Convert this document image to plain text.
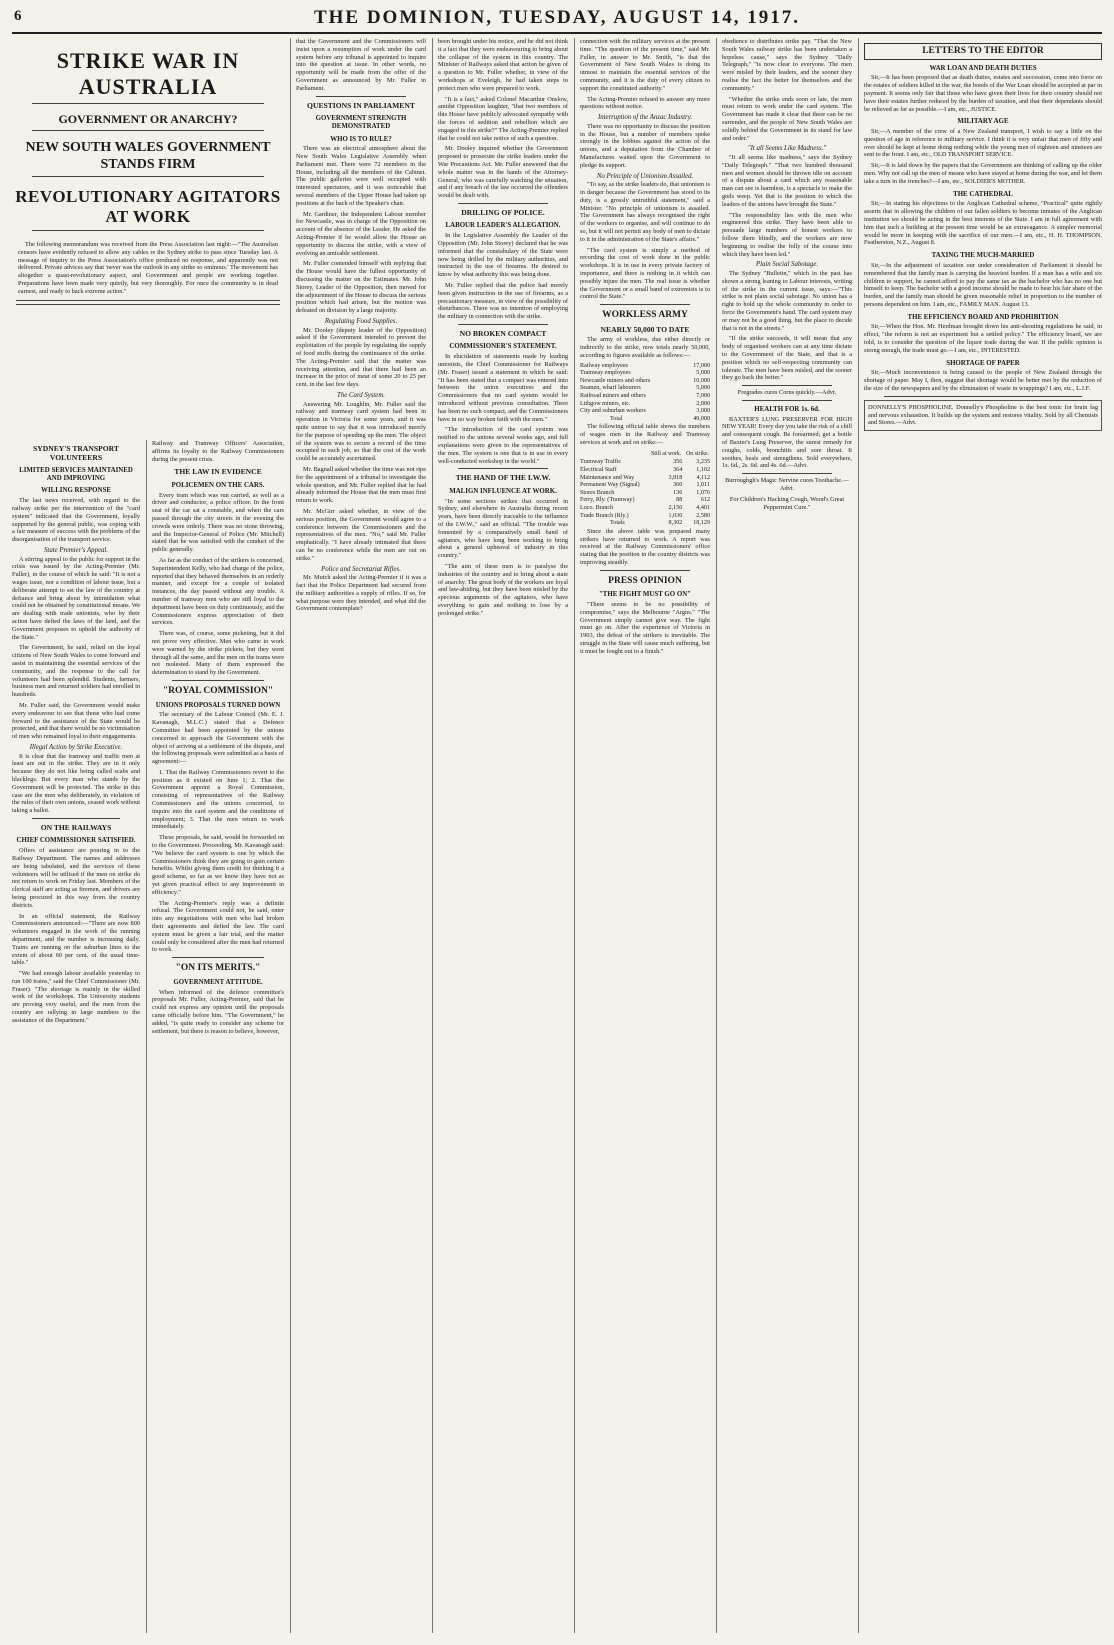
6	THE DOMINION, TUESDAY, AUGUST 14, 1917.
STRIKE WAR IN AUSTRALIA
GOVERNMENT OR ANARCHY?
NEW SOUTH WALES GOVERNMENT STANDS FIRM
REVOLUTIONARY AGITATORS AT WORK

The following memorandum was received from the Press Association last night:—"The Australian censors have evidently refused to allow any cables re the Sydney strike to pass since Tuesday last. A message of inquiry to the Press Association's office produced no response, and apparently was not delivered. Private advices say that 'never was the outlook in any strike so ominous.' The movement has altogether a quasi-revolutionary aspect, and Government and people are working together. Preparations have been made very quietly, but very thoroughly. For once the community is in dead earnest, and ready to back extreme action."

SYDNEY'S TRANSPORT VOLUNTEERS
LIMITED SERVICES MAINTAINED AND IMPROVING
WILLING RESPONSE

The last news received, with regard to the railway strike per the intervention of the "card system" indicated that the Government, loyally supported by the general public, was coping with a fair measure of success with the problems of the disorganisation of the transport service.

State Premier's Appeal.

A stirring appeal to the public for support in the crisis was issued by the Acting-Premier (Mr. Fuller), in the course of which he said: "It is not a wages issue, nor a condition of labour issue, but a deliberate attempt to set the law of the country at defiance and bring about by intimidation what could not be obtained by constitutional means. We are dealing with trade unionists, who by their action have defied the laws of the land, and the Government proposes to uphold the authority of the State."

The Government, he said, relied on the loyal citizens of New South Wales to come forward and assist in maintaining the essential services of the community, and the response to the call for volunteers had been splendid. Students, farmers, business men and returned soldiers had enrolled in hundreds.

Mr. Fuller said, the Government would make every endeavour to see that those who had come forward to the assistance of the State would be protected, and that there would be no victimisation of men who remained loyal to their engagements.

Illegal Action by Strike Executive.

It is clear that the tramway and traffic men at least are out in the strike. They are in it only because they do not like being called scabs and blacklegs. But every man who stands by the Government will be protected. The strike in this case are the men who deliberately, in violation of the rules of their own unions, ceased work without taking a ballot.

ON THE RAILWAYS
CHIEF COMMISSIONER SATISFIED.

Offers of assistance are pouring in to the Railway Department. The names and addresses are being tabulated, and the services of these volunteers will be utilised if the men on strike do not return to work on Friday last. Members of the clerical staff are acting as firemen, and drivers are being procured in this way from the country districts.

In an official statement, the Railway Commissioners announced:—"There are now 800 volunteers engaged in the work of the running department, and the number is increasing daily. Trains are running on the suburban lines to the extent of about 60 per cent. of the usual time-table."

"We had enough labour available yesterday to run 100 trains," said the Chief Commissioner (Mr. Fraser). "The shortage is mainly in the skilled work of the workshops. The University students are proving very useful, and the men from the country are rallying in large numbers to the assistance of the Department."

Railway and Tramway Officers' Association, affirms its loyalty to the Railway Commissioners during the present crisis.

THE LAW IN EVIDENCE
POLICEMEN ON THE CARS.

Every tram which was run carried, as well as a driver and conductor, a police officer. In the front seat of the car sat a constable, and when the cars passed through the city streets in the evening the crowds were orderly. There was no stone throwing, and the Inspector-General of Police (Mr. Mitchell) stated that he was satisfied with the conduct of the public generally.

As far as the conduct of the strikers is concerned, Superintendent Kelly, who had charge of the police, reported that they behaved themselves in an orderly manner, and except for a couple of isolated instances, the day passed without any trouble. A number of tramway men who are still loyal to the department have been on duty continuously, and the Commissioners express appreciation of their services.

There was, of course, some picketing, but it did not prove very effective. Men who came to work were warned by the strike pickets, but they went through all the same, and the men on the trams were not molested. Many of them expressed the determination to stand by the Government.

"ROYAL COMMISSION"
UNIONS PROPOSALS TURNED DOWN

The secretary of the Labour Council (Mr. E. J. Kavanagh, M.L.C.) stated that a Defence Committee had been appointed by the unions concerned to approach the Government with the object of arriving at a settlement of the dispute, and the following proposals were submitted as a basis of agreement:—

1. That the Railway Commissioners revert to the position as it existed on June 1; 2. That the Government appoint a Royal Commission, consisting of representatives of the Railway Commissioners and the unions concerned, to inquire into the card system and the conditions of employment; 3. That the men return to work immediately.

These proposals, he said, would be forwarded on to the Government. Proceeding, Mr. Kavanagh said: "We believe the card system is one by which the Commissioners think they are going to gain certain benefits. Whilst giving them credit for thinking it a good scheme, so far as we know they have not as yet given practical effect to any improvement in efficiency."

The Acting-Premier's reply was a definite refusal. The Government could not, he said, enter into any negotiations with men who had broken their agreements and defied the law. The card system must be given a fair trial, and the matter could only be considered after the men had returned to work.

"ON ITS MERITS."
GOVERNMENT ATTITUDE.

When informed of the defence committee's proposals Mr. Fuller, Acting-Premier, said that he could not express any opinion until the proposals came officially before him. "The Government," he added, "is quite ready to consider any scheme for settlement, but there is reason to believe, however,

that the Government and the Commissioners will insist upon a resumption of work under the card system before any tribunal is appointed to inquire into the question at issue. In other words, no opportunity will be made from the offer of the Government as announced by Mr. Fuller in Parliament.

QUESTIONS IN PARLIAMENT
GOVERNMENT STRENGTH DEMONSTRATED
WHO IS TO RULE?

There was an electrical atmosphere about the New South Wales Legislative Assembly when Parliament met. There were 72 members in the House, including all the members of the Cabinet. The public galleries were well occupied with interested spectators, and it was noticeable that several members of the Upper House had taken up positions at the back of the Speaker's chair.

Mr. Gardiner, the Independent Labour member for Newcastle, was in charge of the Opposition on account of the absence of the Leader. He asked the Acting-Premier if he would allow the House an opportunity to discuss the strike, with a view of evolving an amicable settlement.

Mr. Fuller contended himself with replying that the House would have the fullest opportunity of discussing the matter on the Estimates. Mr. John Storey, Leader of the Opposition, then moved for the adjournment of the House to discuss the serious position which had arisen, but the motion was defeated on division by a large majority.

Regulating Food Supplies.

Mr. Dooley (deputy leader of the Opposition) asked if the Government intended to prevent the exploitation of the people by regulating the supply of food stuffs during the continuance of the strike. The Acting-Premier said that the matter was receiving attention, and that there had been an increase in the price of meat of some 20 to 25 per cent. in the last few days.

The Card System.

Answering Mr. Loughlin, Mr. Fuller said the railway and tramway card system had been in operation in Victoria for some years, and it was quite untrue to say that it was introduced merely for the purpose of speeding up the men. The object of the system was to secure a record of the time occupied in each job, so that the cost of the work could be accurately ascertained.

Mr. Bagnall asked whether the time was not ripe for the appointment of a tribunal to investigate the whole question, and Mr. Fuller replied that he had already informed the House that the men must first return to work.

Mr. McGirr asked whether, in view of the serious position, the Government would agree to a conference between the Commissioners and the representatives of the men. "No," said Mr. Fuller emphatically. "I have already intimated that there can be no conference while the men are out on strike."

Police and Secretariat Rifles.

Mr. Mutch asked the Acting-Premier if it was a fact that the Police Department had secured from the military authorities a supply of rifles. If so, for what purpose were they intended, and what did the Government contemplate?

been brought under his notice, and he did not think it a fact that they were endeavouring to bring about the collapse of the system in this country. The Minister of Railways asked that action be given of a question to Mr. Fuller whether, in view of the workshops at Eveleigh, he had taken steps to protect men who were prepared to work.

"It is a fact," asked Colonel Macarthur Onslow, amidst Opposition laughter, "that two members of this House have publicly advocated sympathy with the forces of sedition and rebellion which are engaged in this strike?" The Acting-Premier replied that he could not take notice of such a question.

Mr. Dooley inquired whether the Government proposed to prosecute the strike leaders under the War Precautions Act. Mr. Fuller answered that the whole matter was in the hands of the Attorney-General, who was carefully watching the situation, and if any breach of the law occurred the offenders would be dealt with.

DRILLING OF POLICE.
LABOUR LEADER'S ALLEGATION.

In the Legislative Assembly the Leader of the Opposition (Mr. John Storey) declared that he was informed that the constabulary of the State were now being drilled by the military authorities, and instructed in the use of firearms. He desired to know by what authority this was being done.

Mr. Fuller replied that the police had merely been given instruction in the use of firearms, as a precautionary measure, in view of the possibility of disturbances. There was no intention of employing the military in connection with the strike.

NO BROKEN COMPACT
COMMISSIONER'S STATEMENT.

In elucidation of statements made by leading unionists, the Chief Commissioner for Railways (Mr. Fraser) issued a statement in which he said: "It has been stated that a compact was entered into between the union executives and the Commissioners that no card system would be introduced without previous consultation. There has been no such compact, and the Commissioners have in no way broken faith with the men."

"The introduction of the card system was notified to the unions several weeks ago, and full explanations were given to the representatives of the men. The system is one that is in use in every well-conducted workshop in the world."

THE HAND OF THE I.W.W.
MALIGN INFLUENCE AT WORK.

"In some sections strikes that occurred in Sydney, and elsewhere in Australia during recent years, have been directly traceable to the influence of the I.W.W.," said an official. "The trouble was fomented by a comparatively small band of agitators, who have long been working to bring about a general upheaval of industry in this country."

"The aim of these men is to paralyse the industries of the country and to bring about a state of anarchy. The great body of the workers are loyal and law-abiding, but they have been misled by the specious arguments of the agitators, who have everything to gain and nothing to lose by a prolonged strike."

connection with the military services at the present time. "The question of the present time," said Mr. Fuller, in answer to Mr. Smith, "is that the Government of New South Wales is doing its utmost to maintain the essential services of the community, and it is the duty of every citizen to support the constituted authority."

The Acting-Premier refused to answer any more questions without notice.

Interruption of the Anzac Industry.

There was no opportunity to discuss the position in the House, but a number of members spoke strongly in the lobbies against the action of the unions, and a deputation from the Chamber of Manufactures waited upon the Government to pledge its support.

No Principle of Unionism Assailed.

"To say, as the strike leaders do, that unionism is in danger because the Government has stood to its duty, is a grossly untruthful statement," said a Minister. "No principle of unionism is assailed. The Government has always recognised the right of the workers to organise, and will continue to do so, but it will not permit any body of men to dictate to it in the administration of the State's affairs."

"The card system is simply a method of recording the cost of work done in the public workshops. It is in use in every private factory of importance, and there is nothing in it which can possibly injure the men. The real issue is whether the Government or a small band of extremists is to control the State."

WORKLESS ARMY
NEARLY 50,000 TO DATE

The army of workless, due either directly or indirectly to the strike, now totals nearly 50,000, according to figures available as follows:—

Railway employees	17,000
Tramway employees	5,000
Newcastle miners and others	10,000
Seamen, wharf labourers	5,000
Railroad miners and others	7,000
Lithgow miners, etc.	2,000
City and suburban workers	3,000
Total	49,000

The following official table shows the numbers of wages men in the Railway and Tramway services at work and on strike:—

	Still at work.	On strike.
Tramway Traffic	356	3,235
Electrical Staff	364	1,102
Maintenance and Way	3,818	4,112
Permanent Way (Signal)	360	1,011
Stores Branch	136	1,076
Ferry, Rly. (Tramway)	88	612
Loco. Branch	2,150	4,401
Trade Branch (Rly.)	1,030	2,580
Totals	8,302	18,129

Since the above table was prepared many strikers have returned to work. A report was received at the Railway Commissioners' office stating that the position in the country districts was improving steadily.

PRESS OPINION
"THE FIGHT MUST GO ON"

"There seems to be no possibility of compromise," says the Melbourne "Argus." "The Government simply cannot give way. The fight must go on. After the experience of Victoria in 1903, the defeat of the strikers is inevitable. The struggle in the State will cause much suffering, but it must be fought out to a finish."

obedience to distributes strike pay. "That the New South Wales railway strike has been undertaken a hopeless cause," says the Sydney "Daily Telegraph," "is now clear to everyone. The men were misled by their leaders, and the sooner they realise the fact the better for themselves and the community."

"Whether the strike ends soon or late, the men must return to work under the card system. The Government has made it clear that there can be no surrender, and the people of New South Wales are solidly behind the Government in its stand for law and order."

"It all Seems Like Madness."

"It all seems like madness," says the Sydney "Daily Telegraph." "That two hundred thousand men and women should be thrown idle on account of a dispute about a card which any reasonable man can see is harmless, is a spectacle to make the gods weep. Yet that is the position to which the leaders of the unions have brought the State."

"The responsibility lies with the men who engineered this strike. They have been able to persuade large numbers of honest workers to follow them blindly, and the workers are now beginning to realise the folly of the course into which they have been led."

Plain Social Sabotage.

The Sydney "Bulletin," which in the past has shown a strong leaning to Labour interests, writing of the strike in the current issue, says:—"This strike is not plain social sabotage. No union has a right to hold up the whole community in order to force the Government's hand. The card system may or may not be a good thing, but the place to decide that is not in the streets."

"If the strike succeeds, it will mean that any body of organised workers can at any time dictate to the Government of the State, and that is a position which no self-respecting community can tolerate. The men have been misled, and the sooner they go back the better."

Fregrades cures Corns quickly.—Advt.

HEALTH FOR 1s. 6d.

BAXTER'S LUNG PRESERVER FOR HIGH NEW YEAR! Every day you take the risk of a chill and consequent cough. Be forearmed; get a bottle of Baxter's Lung Preserver, the surest remedy for coughs, colds, bronchitis and sore throat. It soothes, heals and strengthens. Sold everywhere, 1s. 6d., 2s. 6d. and 4s. 6d.—Advt.

Burroughgh's Magic Nervine cures Toothache.—Advt.

For Children's Hacking Cough, Wood's Great Peppermint Cure."

LETTERS TO THE EDITOR
WAR LOAN AND DEATH DUTIES

Sir,—It has been proposed that as death duties, estates and succession, come into force on the estates of soldiers killed in the war, the bonds of the War Loan should be accepted at par in payment. It seems only fair that those who have given their lives for their country should not have their estates further reduced by the burden of taxation, and that their dependants should be relieved as far as possible.—I am, etc., JUSTICE.

MILITARY AGE

Sir,—A member of the crew of a New Zealand transport, I wish to say a little on the question of age in reference to military service. I think it is very unfair that men of fifty and over should be kept at home doing nothing while the young men of eighteen and nineteen are sent to the front. I am, etc., OLD TRANSPORT SERVICE.

Sir,—It is laid down by the papers that the Government are thinking of calling up the older men. Why not call up the men of means who have stayed at home during the war, and let them take a turn in the trenches?—I am, etc., SOLDIER'S MOTHER.

THE CATHEDRAL

Sir,—In stating his objections to the Anglican Cathedral scheme, "Practical" quite rightly asserts that in allowing the children of our fallen soldiers to become inmates of the Anglican institution we should be acting in the best interests of the State. I am in full agreement with him that such a building at the present time would be an extravagance. A simpler memorial would be more in keeping with the sacrifice of our men.—I am, etc., H. H. THOMPSON. Featherston, N.Z., August 8.

TAXING THE MUCH-MARRIED

Sir,—In the adjustment of taxation our under consideration of Parliament it should be remembered that the family man is carrying the heaviest burden. If a man has a wife and six children to support, he cannot afford to pay the same tax as the bachelor who has no one but himself to keep. The bachelor with a good income should be made to bear his fair share of the burden, and the family man should be given reasonable relief in proportion to the number of persons dependent on him. I am, etc., FAMILY MAN. August 13.

THE EFFICIENCY BOARD AND PROHIBITION

Sir,—When the Hon. Mr. Herdman brought down his anti-shouting regulations he said, in effect, "the reform is not an experiment but a settled policy." The efficiency board, we are told, is to consider the question of the liquor trade during the war. If the public opinion is strong enough, the trade must go.—I am, etc., INTERESTED.

SHORTAGE OF PAPER

Sir,—Much inconvenience is being caused to the people of New Zealand through the shortage of paper. May I, then, suggest that shortage would be better met by the reduction of the size of the newspapers and by the elimination of waste in wrappings? I am, etc., L.J.F.

DONNELLY'S PHOSPHOLINE. Donnelly's Phospholine is the best tonic for brain fag and nervous exhaustion. It builds up the system and restores vitality. Sold by all Chemists and Stores.—Advt.
